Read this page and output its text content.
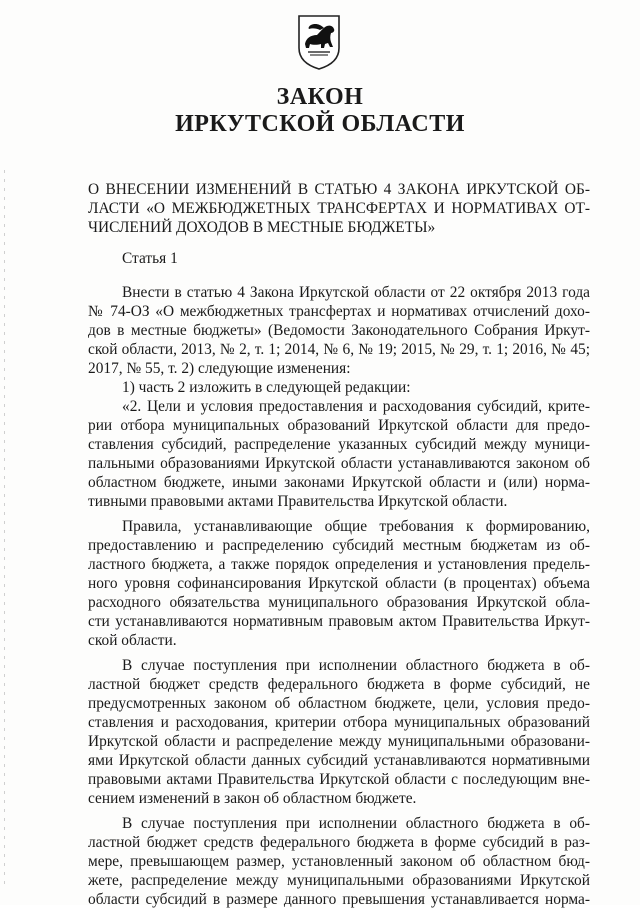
ЗАКОН
ИРКУТСКОЙ ОБЛАСТИ
О ВНЕСЕНИИ ИЗМЕНЕНИЙ В СТАТЬЮ 4 ЗАКОНА ИРКУТСКОЙ ОБ-
ЛАСТИ «О МЕЖБЮДЖЕТНЫХ ТРАНСФЕРТАХ И НОРМАТИВАХ ОТ-
ЧИСЛЕНИЙ ДОХОДОВ В МЕСТНЫЕ БЮДЖЕТЫ»
Статья 1
Внести в статью 4 Закона Иркутской области от 22 октября 2013 года
№ 74-ОЗ «О межбюджетных трансфертах и нормативах отчислений дохо-
дов в местные бюджеты» (Ведомости Законодательного Собрания Иркут-
ской области, 2013, № 2, т. 1; 2014, № 6, № 19; 2015, № 29, т. 1; 2016, № 45;
2017, № 55, т. 2) следующие изменения:
1) часть 2 изложить в следующей редакции:
«2. Цели и условия предоставления и расходования субсидий, крите-
рии отбора муниципальных образований Иркутской области для предо-
ставления субсидий, распределение указанных субсидий между муници-
пальными образованиями Иркутской области устанавливаются законом об
областном бюджете, иными законами Иркутской области и (или) норма-
тивными правовыми актами Правительства Иркутской области.
Правила, устанавливающие общие требования к формированию,
предоставлению и распределению субсидий местным бюджетам из об-
ластного бюджета, а также порядок определения и установления предель-
ного уровня софинансирования Иркутской области (в процентах) объема
расходного обязательства муниципального образования Иркутской обла-
сти устанавливаются нормативным правовым актом Правительства Иркут-
ской области.
В случае поступления при исполнении областного бюджета в об-
ластной бюджет средств федерального бюджета в форме субсидий, не
предусмотренных законом об областном бюджете, цели, условия предо-
ставления и расходования, критерии отбора муниципальных образований
Иркутской области и распределение между муниципальными образовани-
ями Иркутской области данных субсидий устанавливаются нормативными
правовыми актами Правительства Иркутской области с последующим вне-
сением изменений в закон об областном бюджете.
В случае поступления при исполнении областного бюджета в об-
ластной бюджет средств федерального бюджета в форме субсидий в раз-
мере, превышающем размер, установленный законом об областном бюд-
жете, распределение между муниципальными образованиями Иркутской
области субсидий в размере данного превышения устанавливается норма-
